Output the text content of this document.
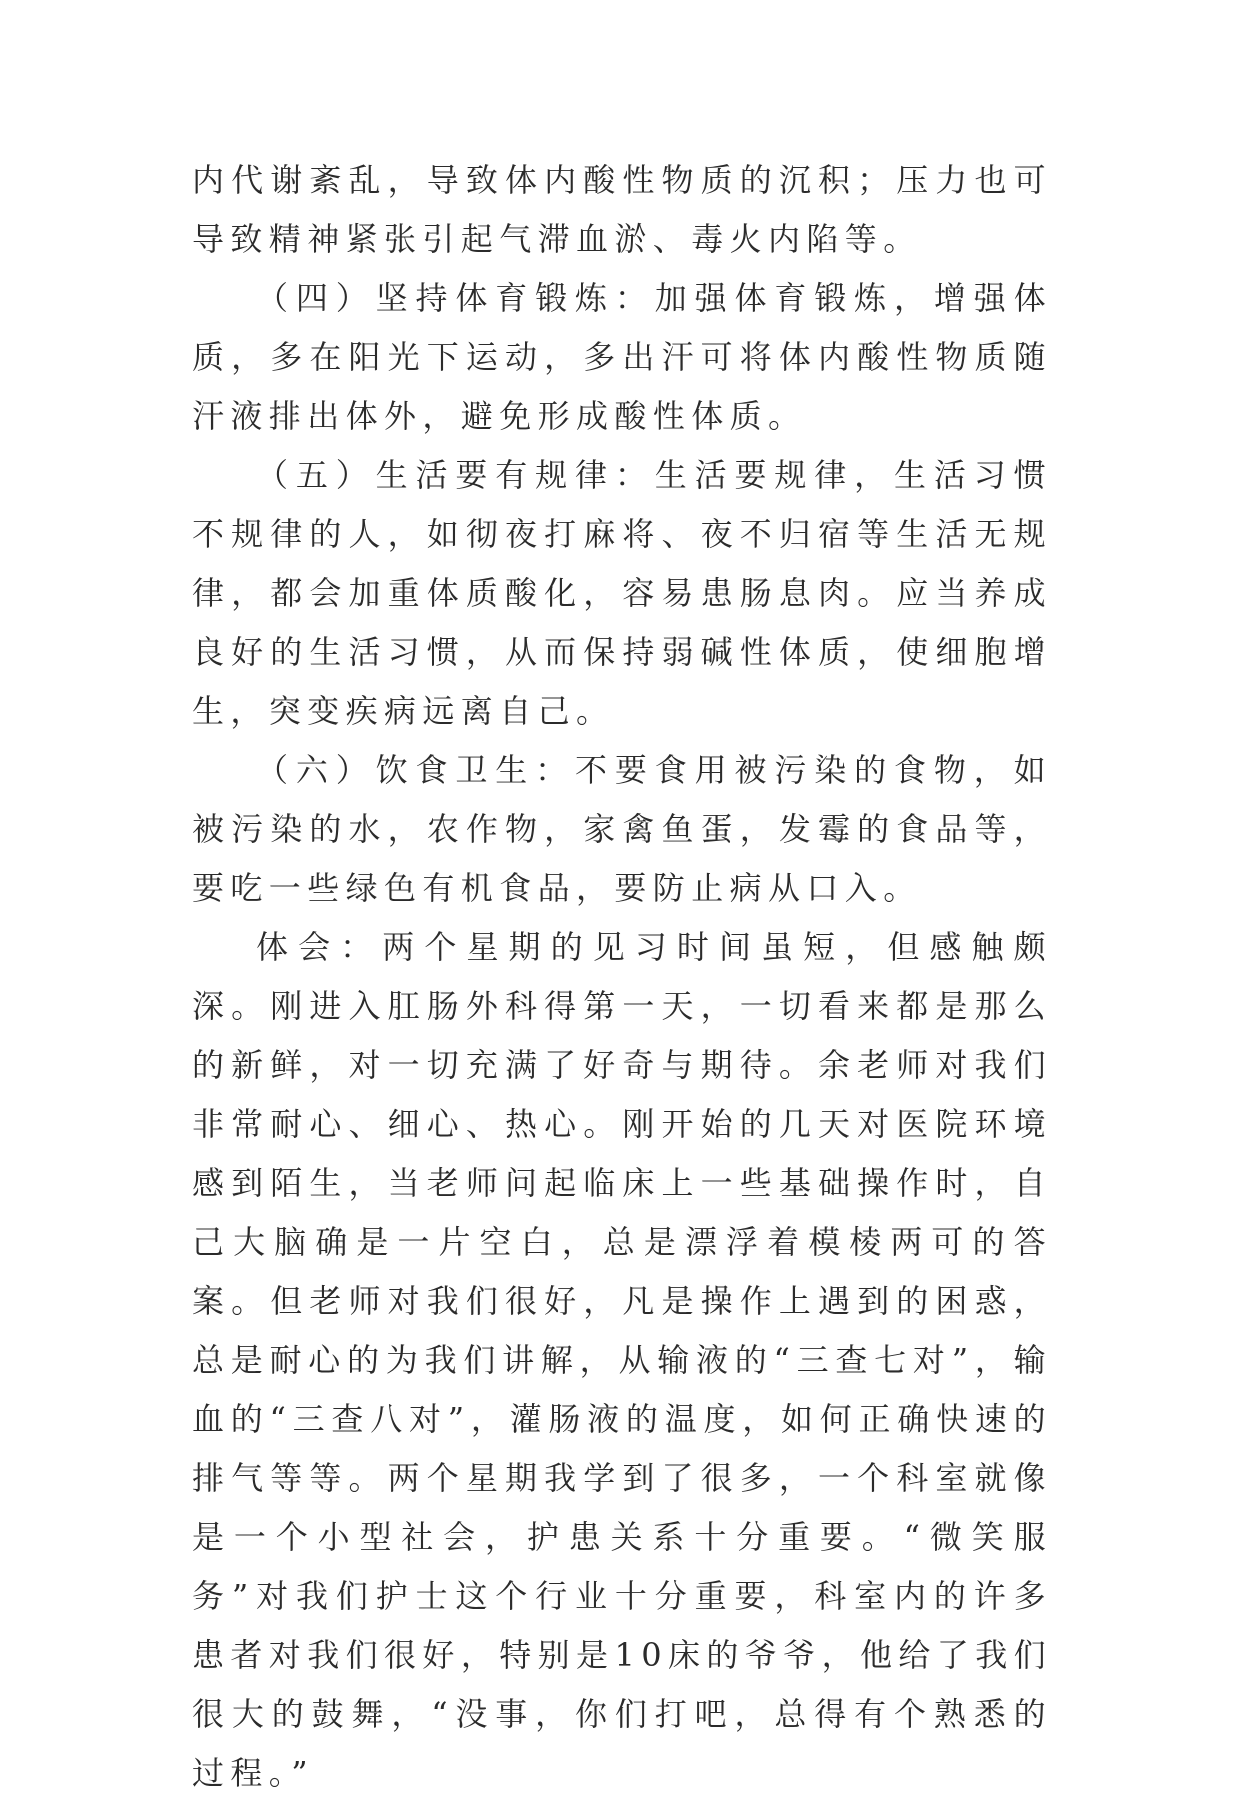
内代谢紊乱，导致体内酸性物质的沉积；压力也可导致精神紧张引起气滞血淤、毒火内陷等。

（四）坚持体育锻炼：加强体育锻炼，增强体质，多在阳光下运动，多出汗可将体内酸性物质随汗液排出体外，避免形成酸性体质。

（五）生活要有规律：生活要规律，生活习惯不规律的人，如彻夜打麻将、夜不归宿等生活无规律，都会加重体质酸化，容易患肠息肉。应当养成良好的生活习惯，从而保持弱碱性体质，使细胞增生，突变疾病远离自己。

（六）饮食卫生：不要食用被污染的食物，如被污染的水，农作物，家禽鱼蛋，发霉的食品等，要吃一些绿色有机食品，要防止病从口入。

体会：两个星期的见习时间虽短，但感触颇深。刚进入肛肠外科得第一天，一切看来都是那么的新鲜，对一切充满了好奇与期待。余老师对我们非常耐心、细心、热心。刚开始的几天对医院环境感到陌生，当老师问起临床上一些基础操作时，自己大脑确是一片空白，总是漂浮着模棱两可的答案。但老师对我们很好，凡是操作上遇到的困惑，总是耐心的为我们讲解，从输液的“三查七对”，输血的“三查八对”，灌肠液的温度，如何正确快速的排气等等。两个星期我学到了很多，一个科室就像是一个小型社会，护患关系十分重要。“微笑服务”对我们护士这个行业十分重要，科室内的许多患者对我们很好，特别是10床的爷爷，他给了我们很大的鼓舞，“没事，你们打吧，总得有个熟悉的过程。”
